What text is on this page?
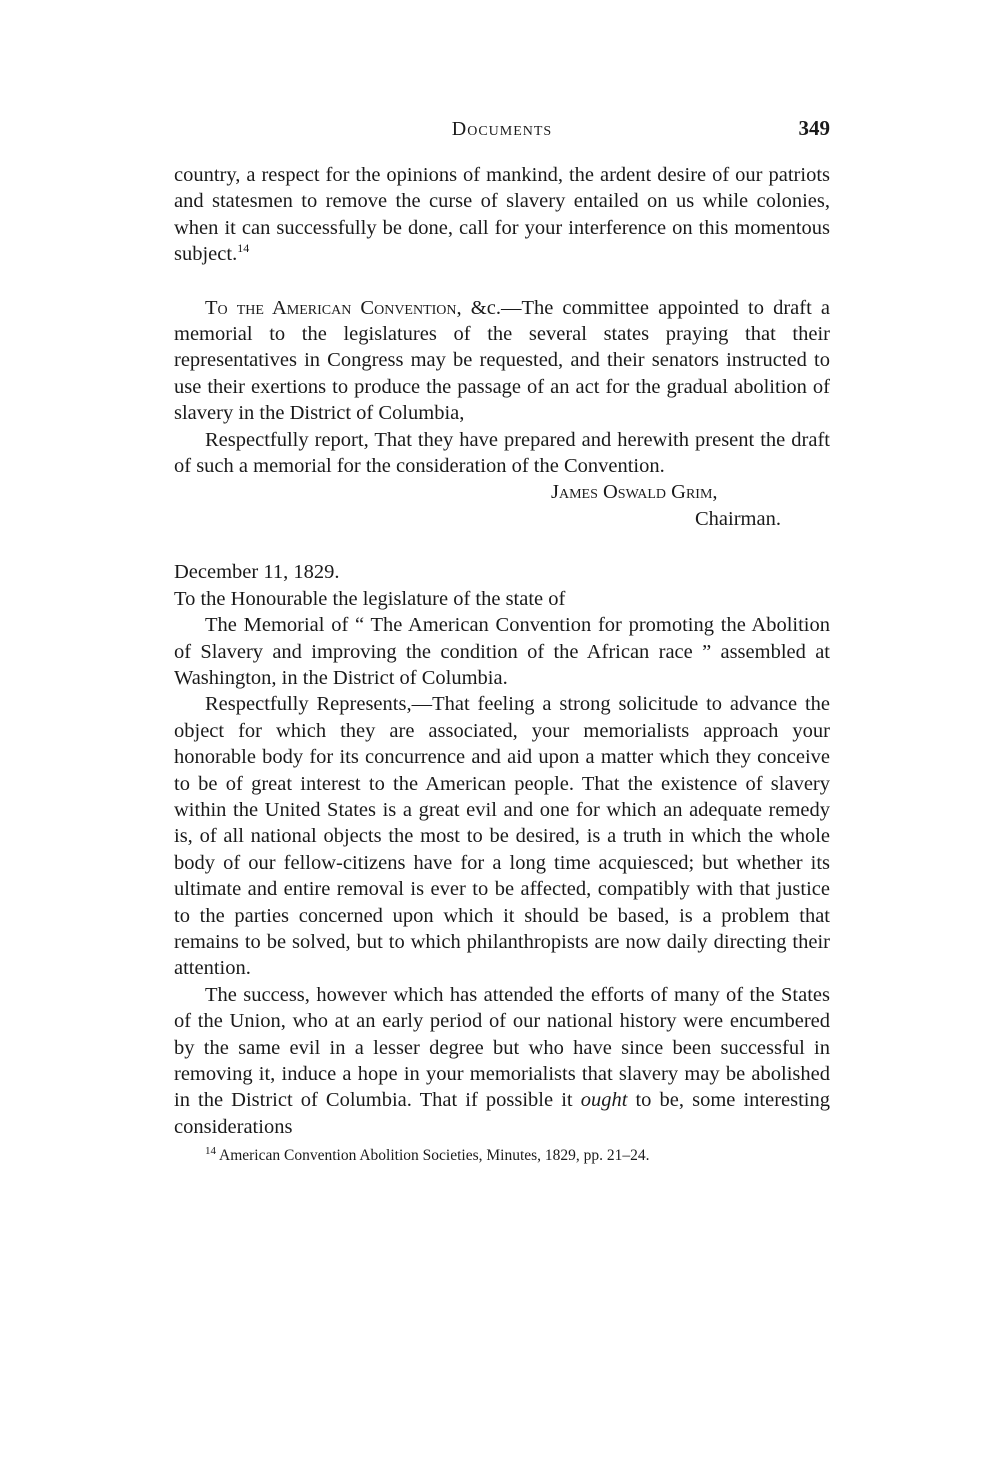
Documents	349

country, a respect for the opinions of mankind, the ardent desire of our patriots and statesmen to remove the curse of slavery entailed on us while colonies, when it can successfully be done, call for your interference on this momentous subject.$^{14}$

To the American Convention, &c.—The committee appointed to draft a memorial to the legislatures of the several states praying that their representatives in Congress may be requested, and their senators instructed to use their exertions to produce the passage of an act for the gradual abolition of slavery in the District of Columbia,

Respectfully report, That they have prepared and herewith present the draft of such a memorial for the consideration of the Convention.

James Oswald Grim,
Chairman.

December 11, 1829.

To the Honourable the legislature of the state of

The Memorial of “ The American Convention for promoting the Abolition of Slavery and improving the condition of the African race ” assembled at Washington, in the District of Columbia.

Respectfully Represents,—That feeling a strong solicitude to advance the object for which they are associated, your memorialists approach your honorable body for its concurrence and aid upon a matter which they conceive to be of great interest to the American people. That the existence of slavery within the United States is a great evil and one for which an adequate remedy is, of all national objects the most to be desired, is a truth in which the whole body of our fellow-citizens have for a long time acquiesced; but whether its ultimate and entire removal is ever to be affected, compatibly with that justice to the parties concerned upon which it should be based, is a problem that remains to be solved, but to which philanthropists are now daily directing their attention.

The success, however which has attended the efforts of many of the States of the Union, who at an early period of our national history were encumbered by the same evil in a lesser degree but who have since been successful in removing it, induce a hope in your memorialists that slavery may be abolished in the District of Columbia. That if possible it ought to be, some interesting considerations

$^{14}$ American Convention Abolition Societies, Minutes, 1829, pp. 21–24.
